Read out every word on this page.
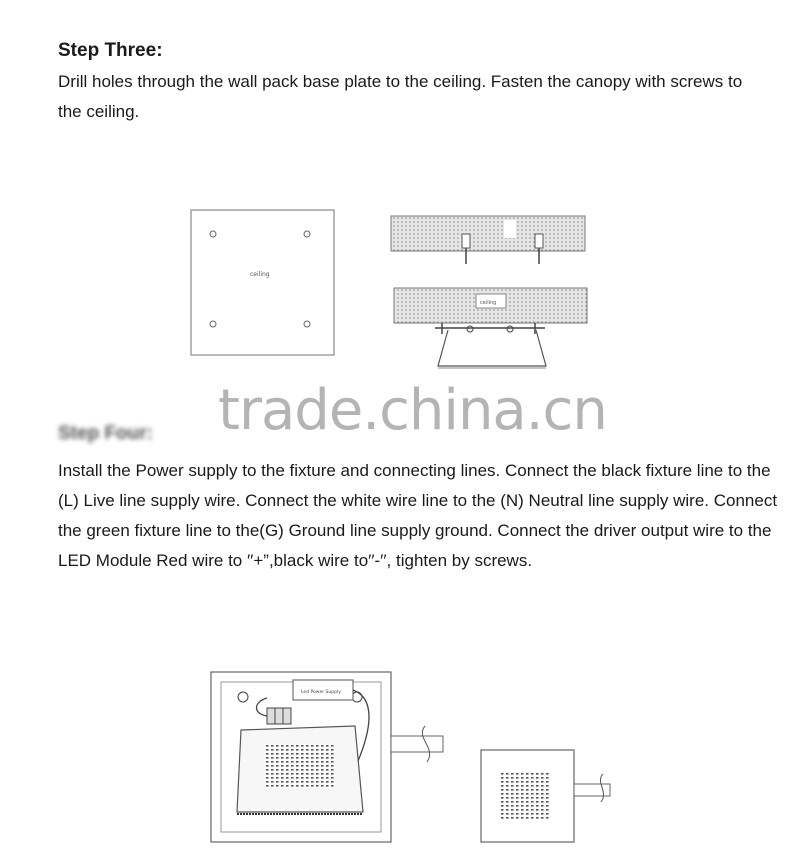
Step Three:

Drill holes through the wall pack base plate to the ceiling. Fasten the canopy with screws to the ceiling.

ceiling
ceiling
trade.china.cn
Step Four:

Install the Power supply to the fixture and connecting lines. Connect the black fixture line to the (L) Live line supply wire. Connect the white wire line to the (N) Neutral line supply wire. Connect the green fixture line to the(G) Ground line supply ground. Connect the driver output wire to the LED Module Red wire to ′′+”,black wire to′′-′′, tighten by screws.

Led Power Supply
